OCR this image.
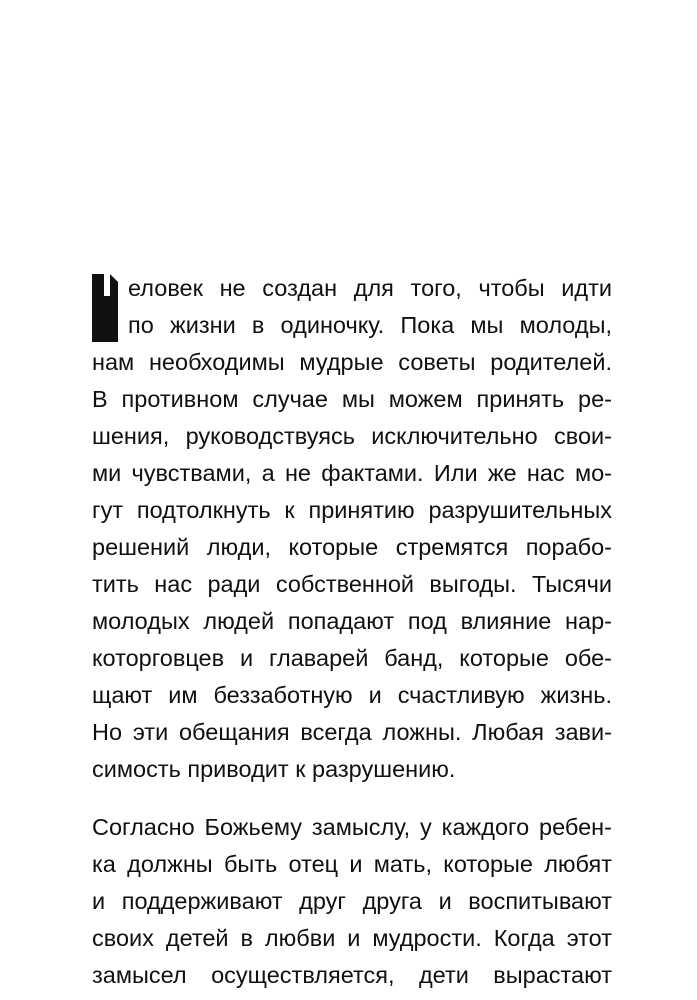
еловек не создан для того, чтобы идти
по жизни в одиночку. Пока мы молоды,
нам необходимы мудрые советы родителей.
В противном случае мы можем принять ре-
шения, руководствуясь исключительно свои-
ми чувствами, а не фактами. Или же нас мо-
гут подтолкнуть к принятию разрушительных
решений люди, которые стремятся порабо-
тить нас ради собственной выгоды. Тысячи
молодых людей попадают под влияние нар-
которговцев и главарей банд, которые обе-
щают им беззаботную и счастливую жизнь.
Но эти обещания всегда ложны. Любая зави-
симость приводит к разрушению.
Согласно Божьему замыслу, у каждого ребен-
ка должны быть отец и мать, которые любят
и поддерживают друг друга и воспитывают
своих детей в любви и мудрости. Когда этот
замысел осуществляется, дети вырастают
